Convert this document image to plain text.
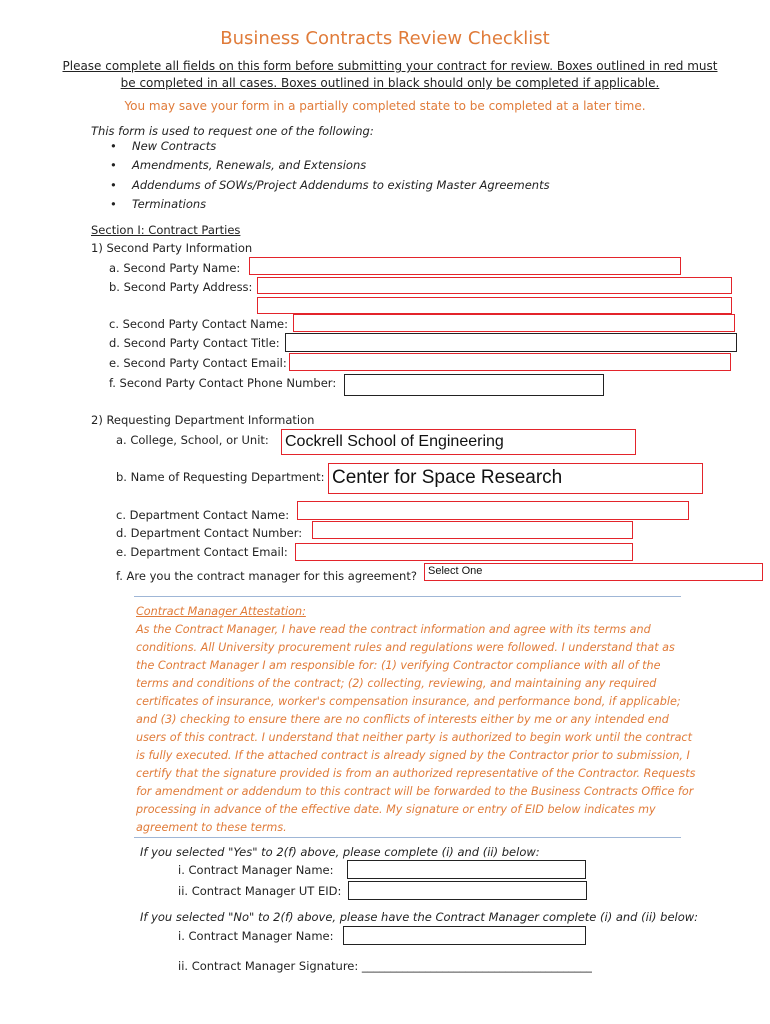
Business Contracts Review Checklist
Please complete all fields on this form before submitting your contract for review. Boxes outlined in red must
be completed in all cases. Boxes outlined in black should only be completed if applicable.
You may save your form in a partially completed state to be completed at a later time.
This form is used to request one of the following:
• New Contracts
• Amendments, Renewals, and Extensions
• Addendums of SOWs/Project Addendums to existing Master Agreements
• Terminations
Section I: Contract Parties
1) Second Party Information
a. Second Party Name:
b. Second Party Address:
c. Second Party Contact Name:
d. Second Party Contact Title:
e. Second Party Contact Email:
f. Second Party Contact Phone Number:
2) Requesting Department Information
a. College, School, or Unit: Cockrell School of Engineering
b. Name of Requesting Department: Center for Space Research
c. Department Contact Name:
d. Department Contact Number:
e. Department Contact Email:
f. Are you the contract manager for this agreement?	Select One
Contract Manager Attestation:
As the Contract Manager, I have read the contract information and agree with its terms and conditions. All University procurement rules and regulations were followed. I understand that as the Contract Manager I am responsible for: (1) verifying Contractor compliance with all of the terms and conditions of the contract; (2) collecting, reviewing, and maintaining any required certificates of insurance, worker's compensation insurance, and performance bond, if applicable; and (3) checking to ensure there are no conflicts of interests either by me or any intended end users of this contract. I understand that neither party is authorized to begin work until the contract is fully executed. If the attached contract is already signed by the Contractor prior to submission, I certify that the signature provided is from an authorized representative of the Contractor. Requests for amendment or addendum to this contract will be forwarded to the Business Contracts Office for processing in advance of the effective date. My signature or entry of EID below indicates my agreement to these terms.
If you selected "Yes" to 2(f) above, please complete (i) and (ii) below:
i. Contract Manager Name:
ii. Contract Manager UT EID:
If you selected "No" to 2(f) above, please have the Contract Manager complete (i) and (ii) below:
i. Contract Manager Name:
ii. Contract Manager Signature: ________________________________________
